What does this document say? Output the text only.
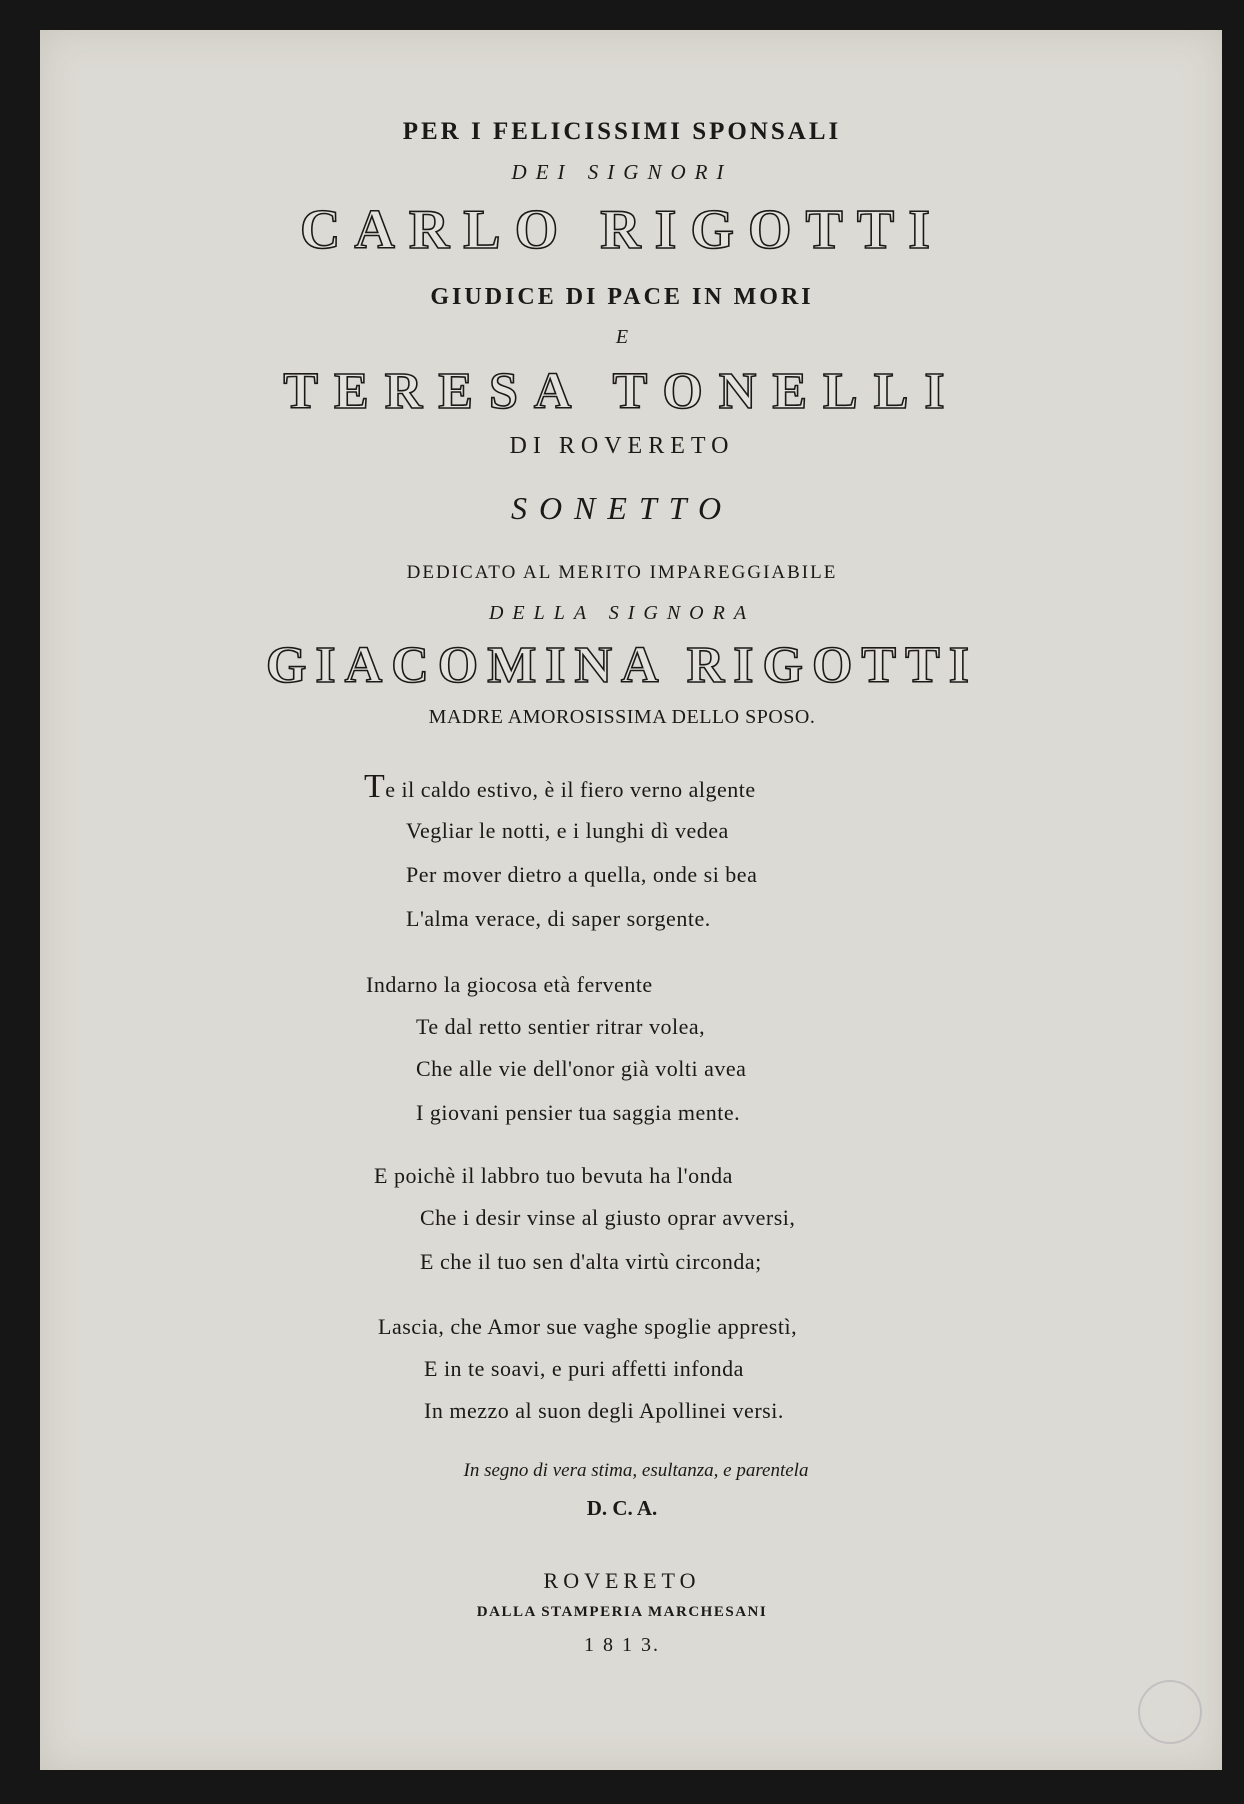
PER I FELICISSIMI SPONSALI

DEI SIGNORI

CARLO RIGOTTI

GIUDICE DI PACE IN MORI

E

TERESA TONELLI

DI ROVERETO

SONETTO

DEDICATO AL MERITO IMPAREGGIABILE

DELLA SIGNORA

GIACOMINA RIGOTTI

MADRE AMOROSISSIMA DELLO SPOSO.

Te il caldo estivo, è il fiero verno algente
Vegliar le notti, e i lunghi dì vedea
Per mover dietro a quella, onde si bea
L'alma verace, di saper sorgente.
Indarno la giocosa età fervente
Te dal retto sentier ritrar volea,
Che alle vie dell'onor già volti avea
I giovani pensier tua saggia mente.
E poichè il labbro tuo bevuta ha l'onda
Che i desir vinse al giusto oprar avversi,
E che il tuo sen d'alta virtù circonda;
Lascia, che Amor sue vaghe spoglie apprestì,
E in te soavi, e puri affetti infonda
In mezzo al suon degli Apollinei versi.

In segno di vera stima, esultanza, e parentela

D. C. A.

ROVERETO

DALLA STAMPERIA MARCHESANI

1 8 1 3.
